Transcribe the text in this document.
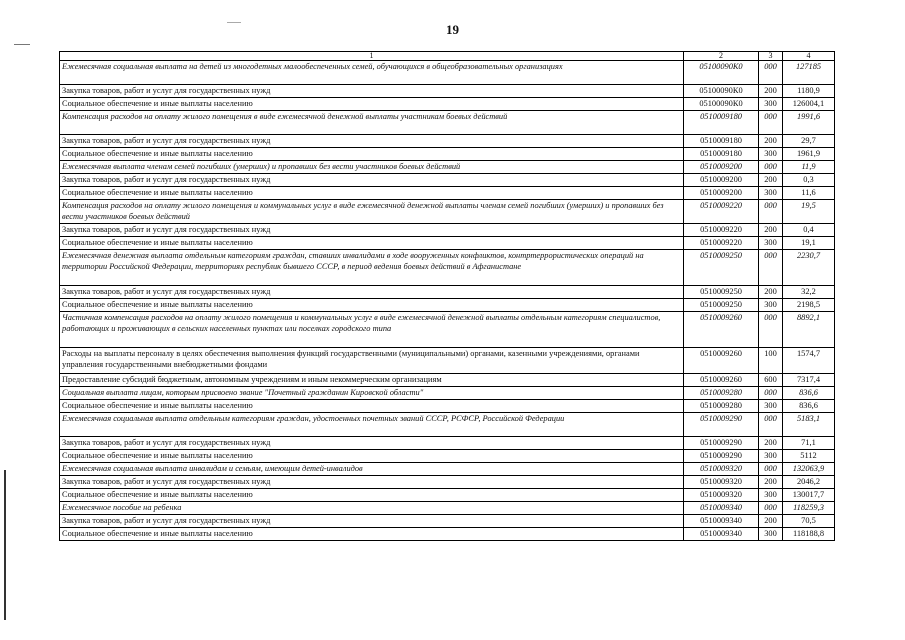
19
1	2	3	4
Ежемесячная социальная выплата на детей из многодетных малообеспеченных семей, обучающихся в общеобразовательных организациях	05100090К0	000	127185
Закупка товаров, работ и услуг для государственных нужд	05100090К0	200	1180,9
Социальное обеспечение и иные выплаты населению	05100090К0	300	126004,1
Компенсация расходов на оплату жилого помещения в виде ежемесячной денежной выплаты участникам боевых действий	0510009180	000	1991,6
Закупка товаров, работ и услуг для государственных нужд	0510009180	200	29,7
Социальное обеспечение и иные выплаты населению	0510009180	300	1961,9
Ежемесячная выплата членам семей погибших (умерших) и пропавших без вести участников боевых действий	0510009200	000	11,9
Закупка товаров, работ и услуг для государственных нужд	0510009200	200	0,3
Социальное обеспечение и иные выплаты населению	0510009200	300	11,6
Компенсация расходов на оплату жилого помещения и коммунальных услуг в виде ежемесячной денежной выплаты членам семей погибших (умерших) и пропавших без вести участников боевых действий	0510009220	000	19,5
Закупка товаров, работ и услуг для государственных нужд	0510009220	200	0,4
Социальное обеспечение и иные выплаты населению	0510009220	300	19,1
Ежемесячная денежная выплата отдельным категориям граждан, ставших инвалидами в ходе вооруженных конфликтов, контртеррористических операций на территории Российской Федерации, территориях республик бывшего СССР, в период ведения боевых действий в Афганистане	0510009250	000	2230,7
Закупка товаров, работ и услуг для государственных нужд	0510009250	200	32,2
Социальное обеспечение и иные выплаты населению	0510009250	300	2198,5
Частичная компенсация расходов на оплату жилого помещения и коммунальных услуг в виде ежемесячной денежной выплаты отдельным категориям специалистов, работающих и проживающих в сельских населенных пунктах или поселках городского типа	0510009260	000	8892,1
Расходы на выплаты персоналу в целях обеспечения выполнения функций государственными (муниципальными) органами, казенными учреждениями, органами управления государственными внебюджетными фондами	0510009260	100	1574,7
Предоставление субсидий бюджетным, автономным учреждениям и иным некоммерческим организациям	0510009260	600	7317,4
Социальная выплата лицам, которым присвоено звание "Почетный гражданин Кировской области"	0510009280	000	836,6
Социальное обеспечение и иные выплаты населению	0510009280	300	836,6
Ежемесячная социальная выплата отдельным категориям граждан, удостоенных почетных званий СССР, РСФСР, Российской Федерации	0510009290	000	5183,1
Закупка товаров, работ и услуг для государственных нужд	0510009290	200	71,1
Социальное обеспечение и иные выплаты населению	0510009290	300	5112
Ежемесячная социальная выплата инвалидам и семьям, имеющим детей-инвалидов	0510009320	000	132063,9
Закупка товаров, работ и услуг для государственных нужд	0510009320	200	2046,2
Социальное обеспечение и иные выплаты населению	0510009320	300	130017,7
Ежемесячное пособие на ребенка	0510009340	000	118259,3
Закупка товаров, работ и услуг для государственных нужд	0510009340	200	70,5
Социальное обеспечение и иные выплаты населению	0510009340	300	118188,8
